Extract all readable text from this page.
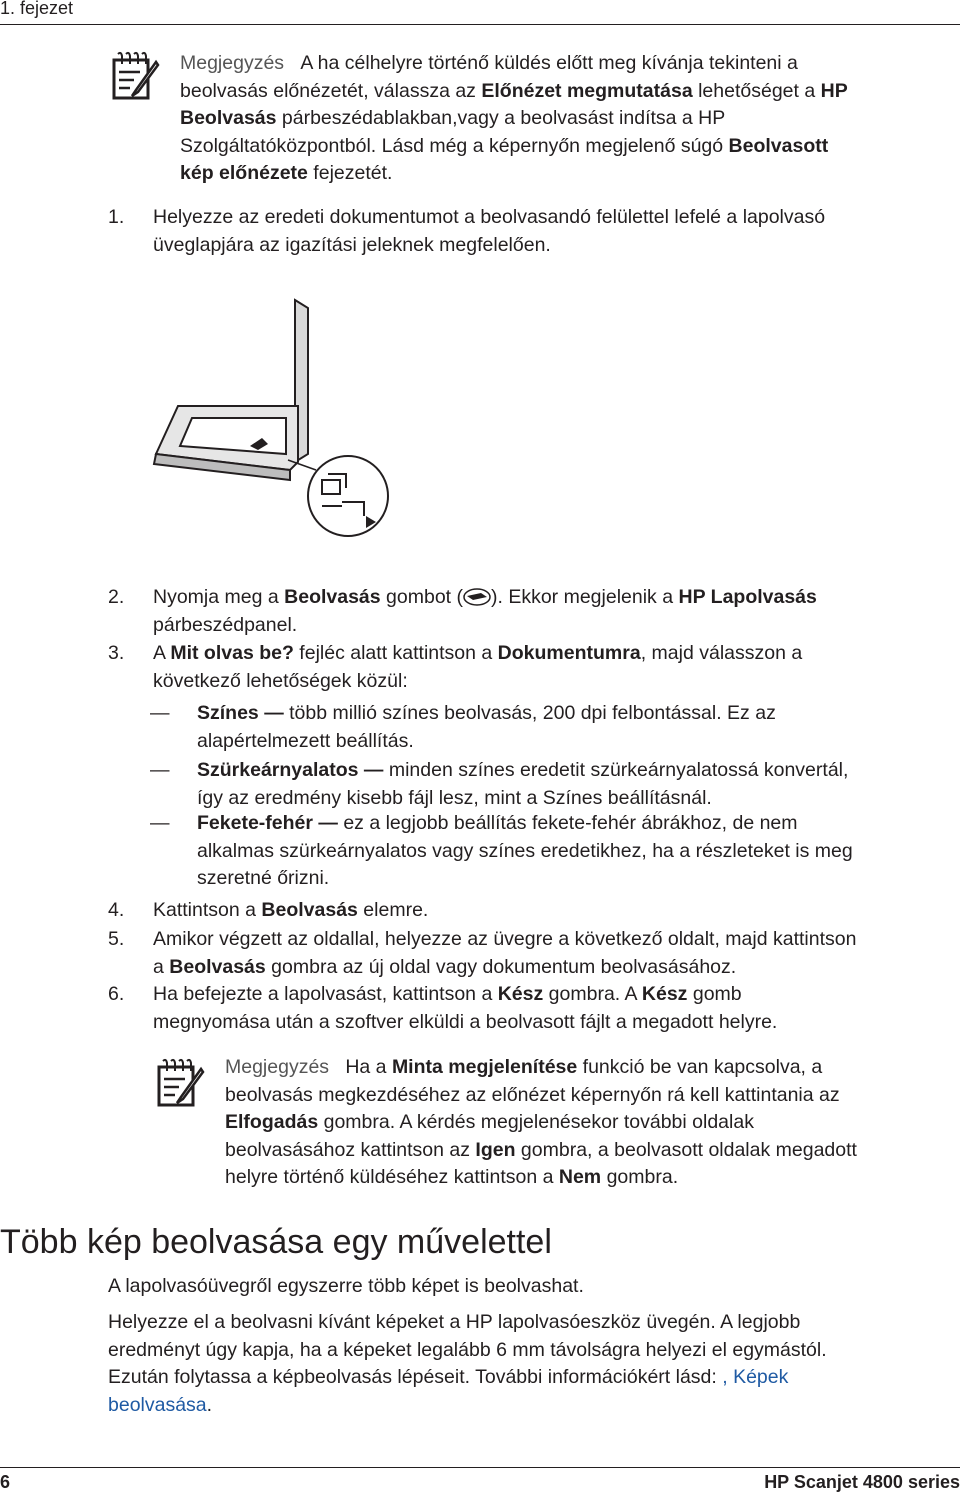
1. fejezet
Megjegyzés A ha célhelyre történő küldés előtt meg kívánja tekinteni a
beolvasás előnézetét, válassza az Előnézet megmutatása lehetőséget a HP
Beolvasás párbeszédablakban,vagy a beolvasást indítsa a HP
Szolgáltatóközpontból. Lásd még a képernyőn megjelenő súgó Beolvasott
kép előnézete fejezetét.
1. Helyezze az eredeti dokumentumot a beolvasandó felülettel lefelé a lapolvasó
üveglapjára az igazítási jeleknek megfelelően.
2. Nyomja meg a Beolvasás gombot ( ). Ekkor megjelenik a HP Lapolvasás
párbeszédpanel.
3. A Mit olvas be? fejléc alatt kattintson a Dokumentumra, majd válasszon a
következő lehetőségek közül:
— Színes — több millió színes beolvasás, 200 dpi felbontással. Ez az
alapértelmezett beállítás.
— Szürkeárnyalatos — minden színes eredetit szürkeárnyalatossá konvertál,
így az eredmény kisebb fájl lesz, mint a Színes beállításnál.
— Fekete-fehér — ez a legjobb beállítás fekete-fehér ábrákhoz, de nem
alkalmas szürkeárnyalatos vagy színes eredetikhez, ha a részleteket is meg
szeretné őrizni.
4. Kattintson a Beolvasás elemre.
5. Amikor végzett az oldallal, helyezze az üvegre a következő oldalt, majd kattintson
a Beolvasás gombra az új oldal vagy dokumentum beolvasásához.
6. Ha befejezte a lapolvasást, kattintson a Kész gombra. A Kész gomb
megnyomása után a szoftver elküldi a beolvasott fájlt a megadott helyre.
Megjegyzés Ha a Minta megjelenítése funkció be van kapcsolva, a
beolvasás megkezdéséhez az előnézet képernyőn rá kell kattintania az
Elfogadás gombra. A kérdés megjelenésekor további oldalak
beolvasásához kattintson az Igen gombra, a beolvasott oldalak megadott
helyre történő küldéséhez kattintson a Nem gombra.
Több kép beolvasása egy művelettel
A lapolvasóüvegről egyszerre több képet is beolvashat.
Helyezze el a beolvasni kívánt képeket a HP lapolvasóeszköz üvegén. A legjobb
eredményt úgy kapja, ha a képeket legalább 6 mm távolságra helyezi el egymástól.
Ezután folytassa a képbeolvasás lépéseit. További információkért lásd: , Képek
beolvasása.
6	HP Scanjet 4800 series
